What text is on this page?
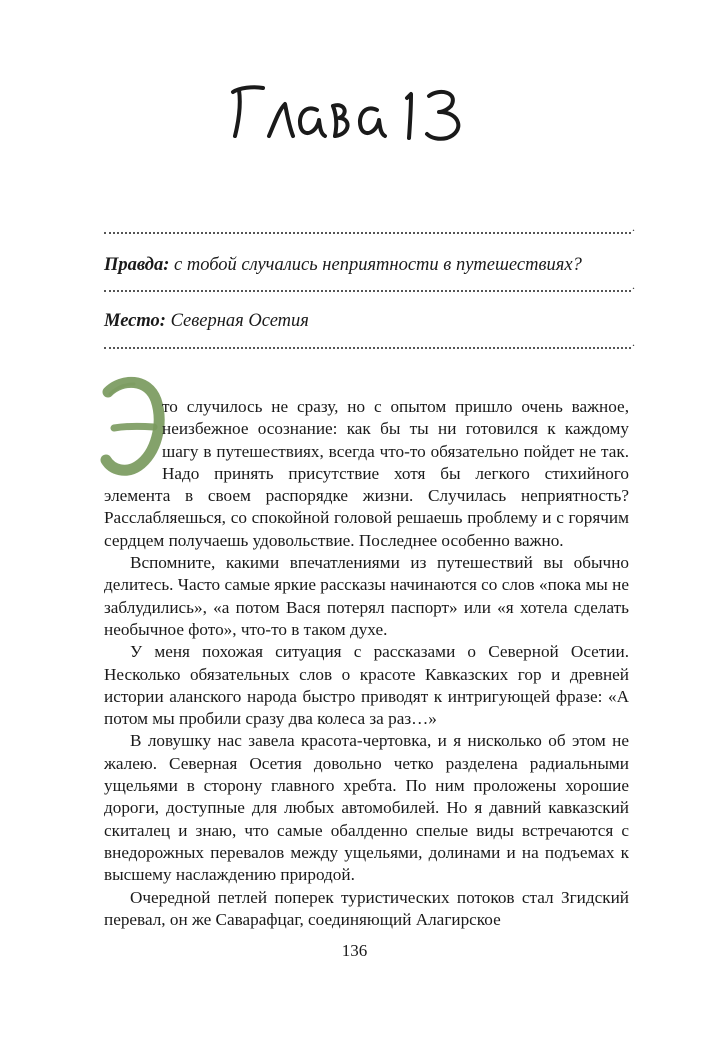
.
Правда: с тобой случались неприятности в путешествиях?
.
Место: Северная Осетия
.

то случилось не сразу, но с опытом пришло очень важное, неизбежное осознание: как бы ты ни готовился к каждому шагу в путешествиях, всегда что-то обязательно пойдет не так. Надо принять присутствие хотя бы легкого стихийного элемента в своем распорядке жизни. Случилась неприятность? Расслабляешься, со спокойной головой решаешь проблему и с горячим сердцем получаешь удовольствие. Последнее особенно важно.

Вспомните, какими впечатлениями из путешествий вы обычно делитесь. Часто самые яркие рассказы начинаются со слов «пока мы не заблудились», «а потом Вася потерял паспорт» или «я хотела сделать необычное фото», что-то в таком духе.

У меня похожая ситуация с рассказами о Северной Осетии. Несколько обязательных слов о красоте Кавказских гор и древней истории аланского народа быстро приводят к интригующей фразе: «А потом мы пробили сразу два колеса за раз…»

В ловушку нас завела красота-чертовка, и я нисколько об этом не жалею. Северная Осетия довольно четко разделена радиальными ущельями в сторону главного хребта. По ним проложены хорошие дороги, доступные для любых автомобилей. Но я давний кавказский скиталец и знаю, что самые обалденно спелые виды встречаются с внедорожных перевалов между ущельями, долинами и на подъемах к высшему наслаждению природой.

Очередной петлей поперек туристических потоков стал Згидский перевал, он же Саварафцаг, соединяющий Алагирское

136
